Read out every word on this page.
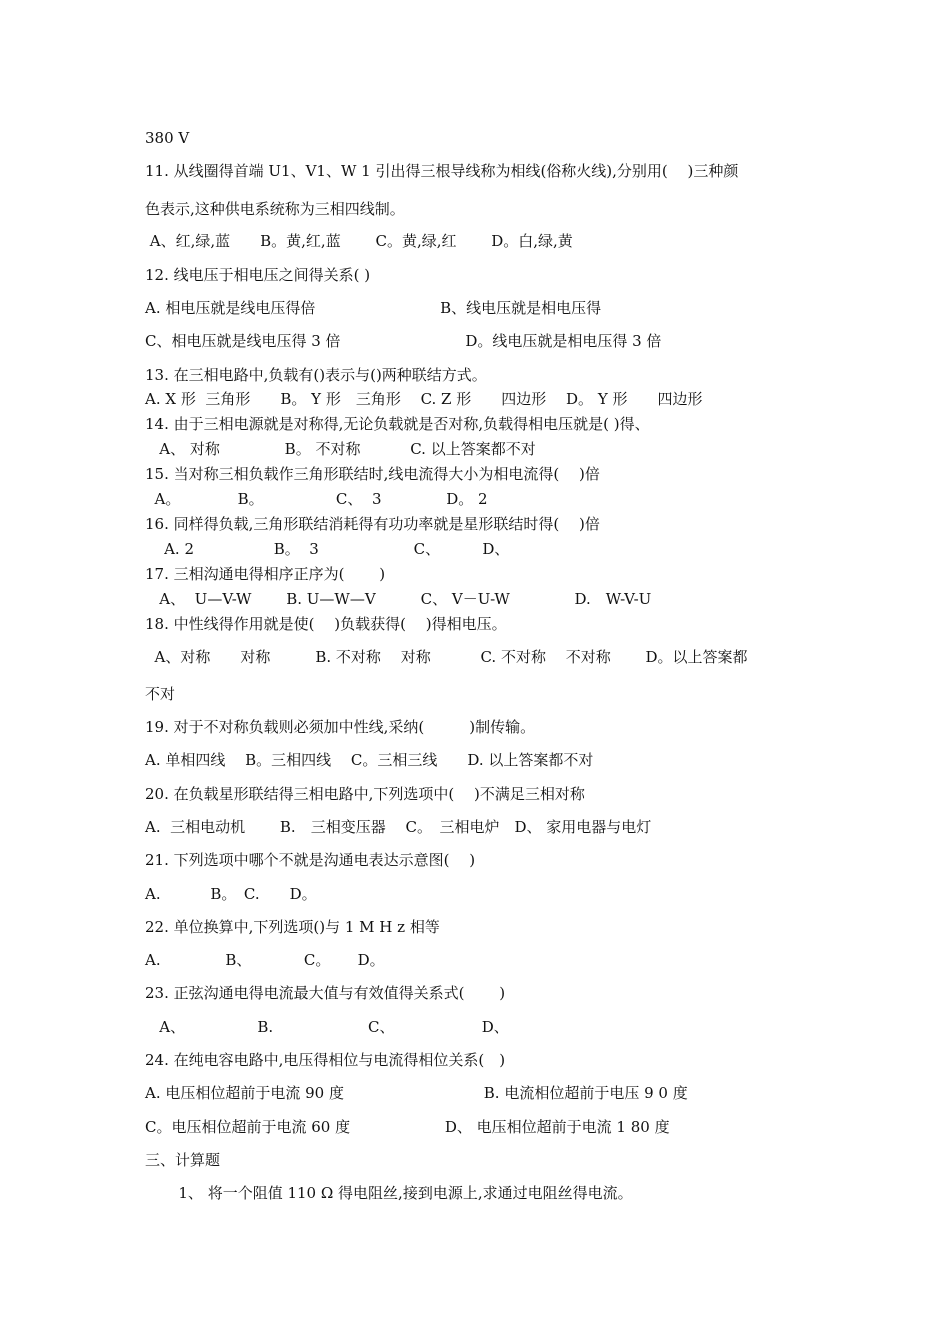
380 V
11. 从线圈得首端 U1、V1、W 1 引出得三根导线称为相线(俗称火线),分别用(　 )三种颜
色表示,这种供电系统称为三相四线制。
A、红,绿,蓝　　B。黄,红,蓝　　 C。黄,绿,红　　 D。白,绿,黄
12. 线电压于相电压之间得关系( )
A. 相电压就是线电压得倍　　　　　　　　 B、线电压就是相电压得
C、相电压就是线电压得 3 倍　　　　　　　　 D。线电压就是相电压得 3 倍
13. 在三相电路中,负载有()表示与()两种联结方式。
A. X 形  三角形　　B。 Y 形　三角形　 C. Z 形　　四边形　 D。 Y 形　　四边形
14. 由于三相电源就是对称得,无论负载就是否对称,负载得相电压就是( )得、
A、 对称　　　　 B。 不对称　　　 C. 以上答案都不对
15. 当对称三相负载作三角形联结时,线电流得大小为相电流得(　 )倍
A。　　　　 B。　　　　　 C、  3　　　　 D。 2
16. 同样得负载,三角形联结消耗得有功功率就是星形联结时得(　 )倍
A. 2　　　　　 B。  3　　　　　　 C、　　　 D、
17. 三相沟通电得相序正序为(　　 )
A、  U—V-W　　 B. U—W—V　　　C、 V－U-W　　　　 D.　W-V-U
18. 中性线得作用就是使(　 )负载获得(　 )得相电压。
A、对称　　对称　　　B. 不对称　 对称　　　 C. 不对称　 不对称　　 D。以上答案都
不对
19. 对于不对称负载则必须加中性线,采纳(　　　)制传输。
A. 单相四线　 B。三相四线　 C。三相三线　　D. 以上答案都不对
20. 在负载星形联结得三相电路中,下列选项中(　 )不满足三相对称
A.  三相电动机　　 B.　三相变压器　 C。　三相电炉　D、 家用电器与电灯
21. 下列选项中哪个不就是沟通电表达示意图(　 )
A.　　　 B。　C.　　D。
22. 单位换算中,下列选项()与 1 M H z 相等
A.　　　　 B、　　　　C。　　 D。
23. 正弦沟通电得电流最大值与有效值得关系式(　　 )
A、　　　　　 B.　　　　　　 C、　　　　　　 D、
24. 在纯电容电路中,电压得相位与电流得相位关系(　)
A. 电压相位超前于电流 90 度　　　　　　　　　 B. 电流相位超前于电压 9 0 度
C。电压相位超前于电流 60 度　　　　　　 D、 电压相位超前于电流 1 80 度
三、计算题
1、 将一个阻值 110 Ω 得电阻丝,接到电源上,求通过电阻丝得电流。
